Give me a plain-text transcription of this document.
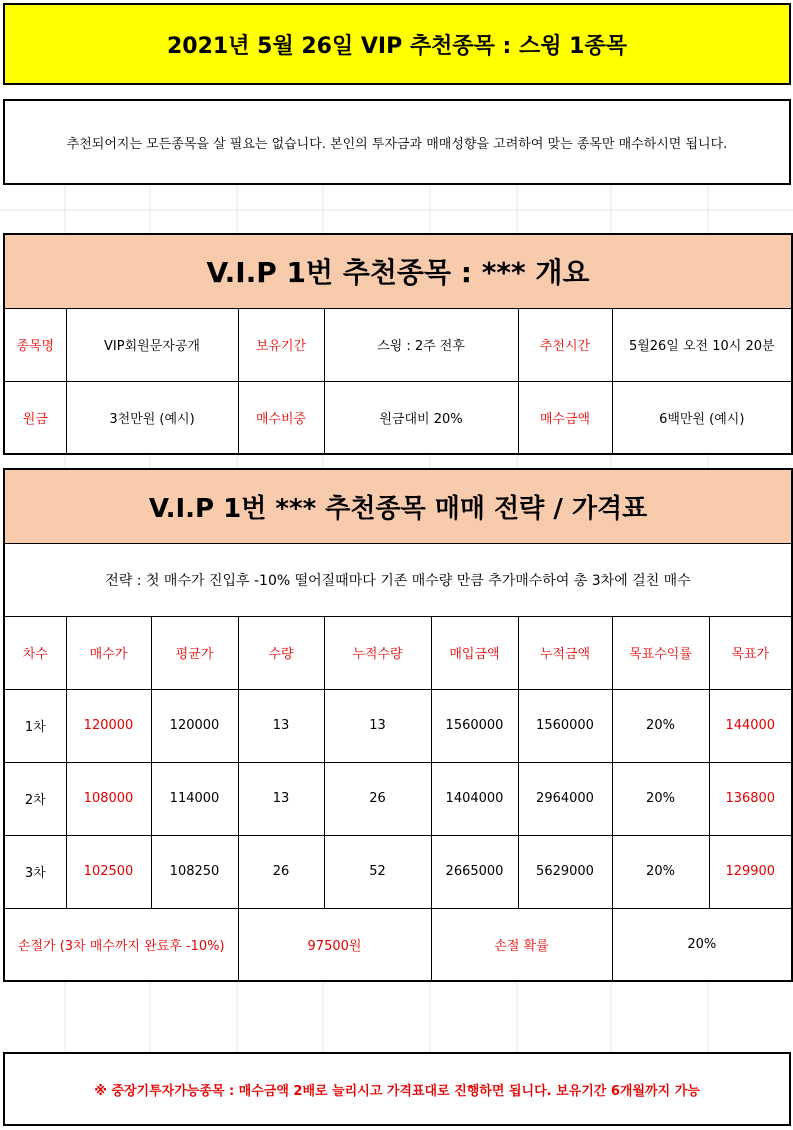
2021년 5월 26일 VIP 추천종목 : 스윙 1종목
추천되어지는 모든종목을 살 필요는 없습니다. 본인의 투자금과 매매성향을 고려하여 맞는 종목만 매수하시면 됩니다.
V.I.P 1번 추천종목 : *** 개요					
종목명	VIP회원문자공개	보유기간	스윙 : 2주 전후	추천시간	5월26일 오전 10시 20분
원금	3천만원 (예시)	매수비중	원금대비 20%	매수금액	6백만원 (예시)
V.I.P 1번 *** 추천종목 매매 전략 / 가격표								
전략 : 첫 매수가 진입후 -10% 떨어질때마다 기존 매수량 만큼 추가매수하여 총 3차에 걸친 매수								
차수	매수가	평균가	수량	누적수량	매입금액	누적금액	목표수익률	목표가
1차	120000	120000	13	13	1560000	1560000	20%	144000
2차	108000	114000	13	26	1404000	2964000	20%	136800
3차	102500	108250	26	52	2665000	5629000	20%	129900
손절가 (3차 매수까지 완료후 -10%)			97500원		손절 확률		20%	
※ 중장기투자가능종목 : 매수금액 2배로 늘리시고 가격표대로 진행하면 됩니다. 보유기간 6개월까지 가능
